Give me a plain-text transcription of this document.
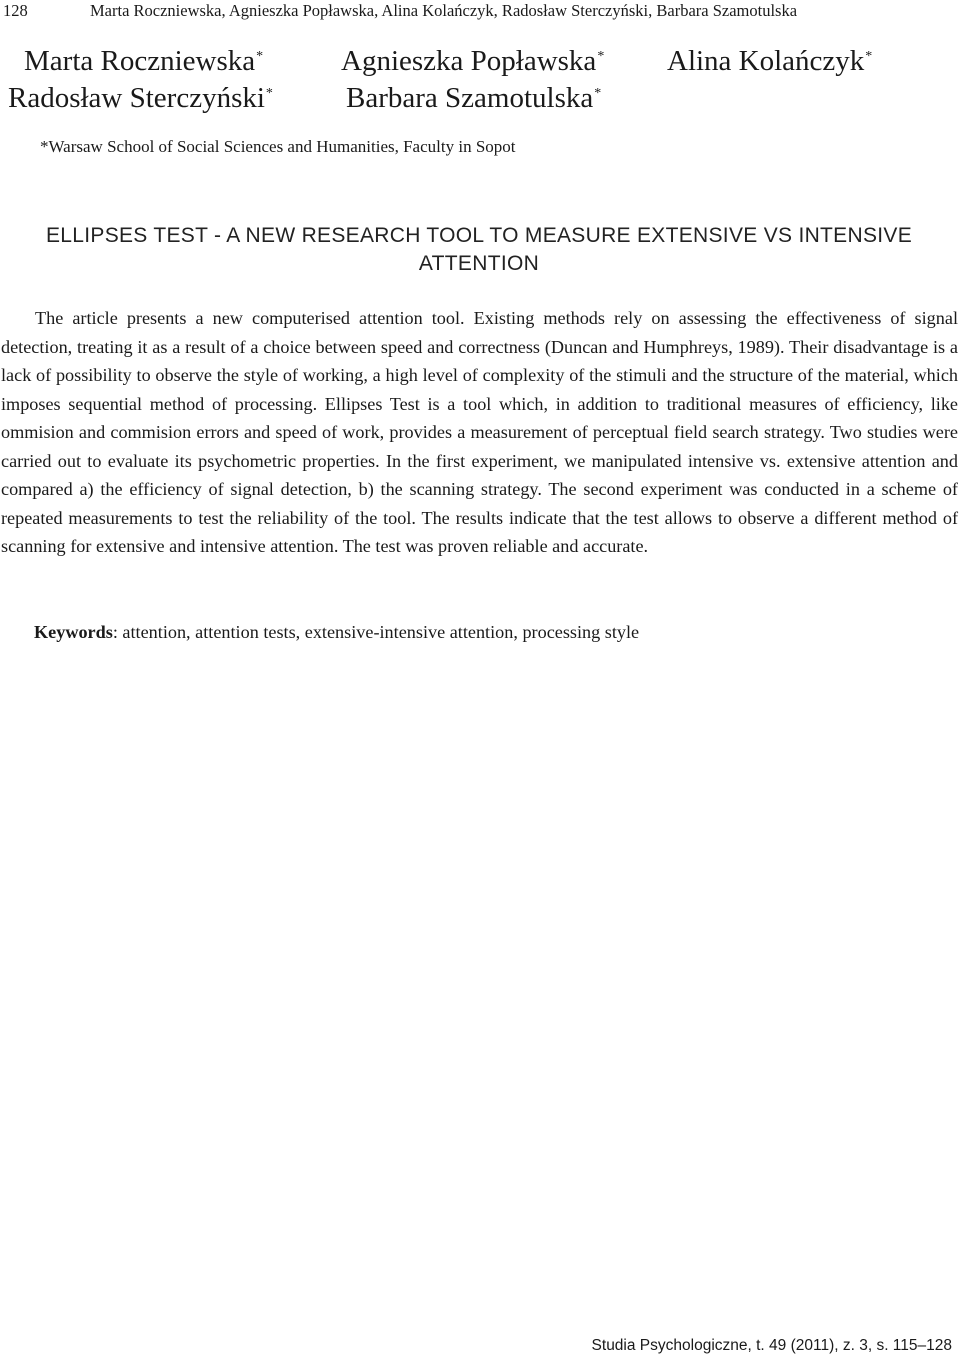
128	Marta Roczniewska, Agnieszka Popławska, Alina Kolańczyk, Radosław Sterczyński, Barbara Szamotulska
Marta Roczniewska*	Agnieszka Popławska* Alina Kolańczyk*
Radosław Sterczyński*	Barbara Szamotulska*
*Warsaw School of Social Sciences and Humanities, Faculty in Sopot
ELLIPSES TEST - A NEW RESEARCH TOOL TO MEASURE EXTENSIVE VS INTENSIVE ATTENTION

The article presents a new computerised attention tool. Existing methods rely on assessing the effectiveness of signal detection, treating it as a result of a choice between speed and correctness (Duncan and Humphreys, 1989). Their disadvantage is a lack of possibility to observe the style of working, a high level of complexity of the stimuli and the structure of the material, which imposes sequential method of processing. Ellipses Test is a tool which, in addition to traditional measures of efficiency, like ommision and commision errors and speed of work, provides a measurement of perceptual field search strategy. Two studies were carried out to evaluate its psychometric properties. In the first experiment, we manipulated intensive vs. extensive attention and compared a) the efficiency of signal detection, b) the scanning strategy. The second experiment was conducted in a scheme of repeated measurements to test the reliability of the tool. The results indicate that the test allows to observe a different method of scanning for extensive and intensive attention. The test was proven reliable and accurate.

Keywords: attention, attention tests, extensive-intensive attention, processing style
Studia Psychologiczne, t. 49 (2011), z. 3, s. 115–128
